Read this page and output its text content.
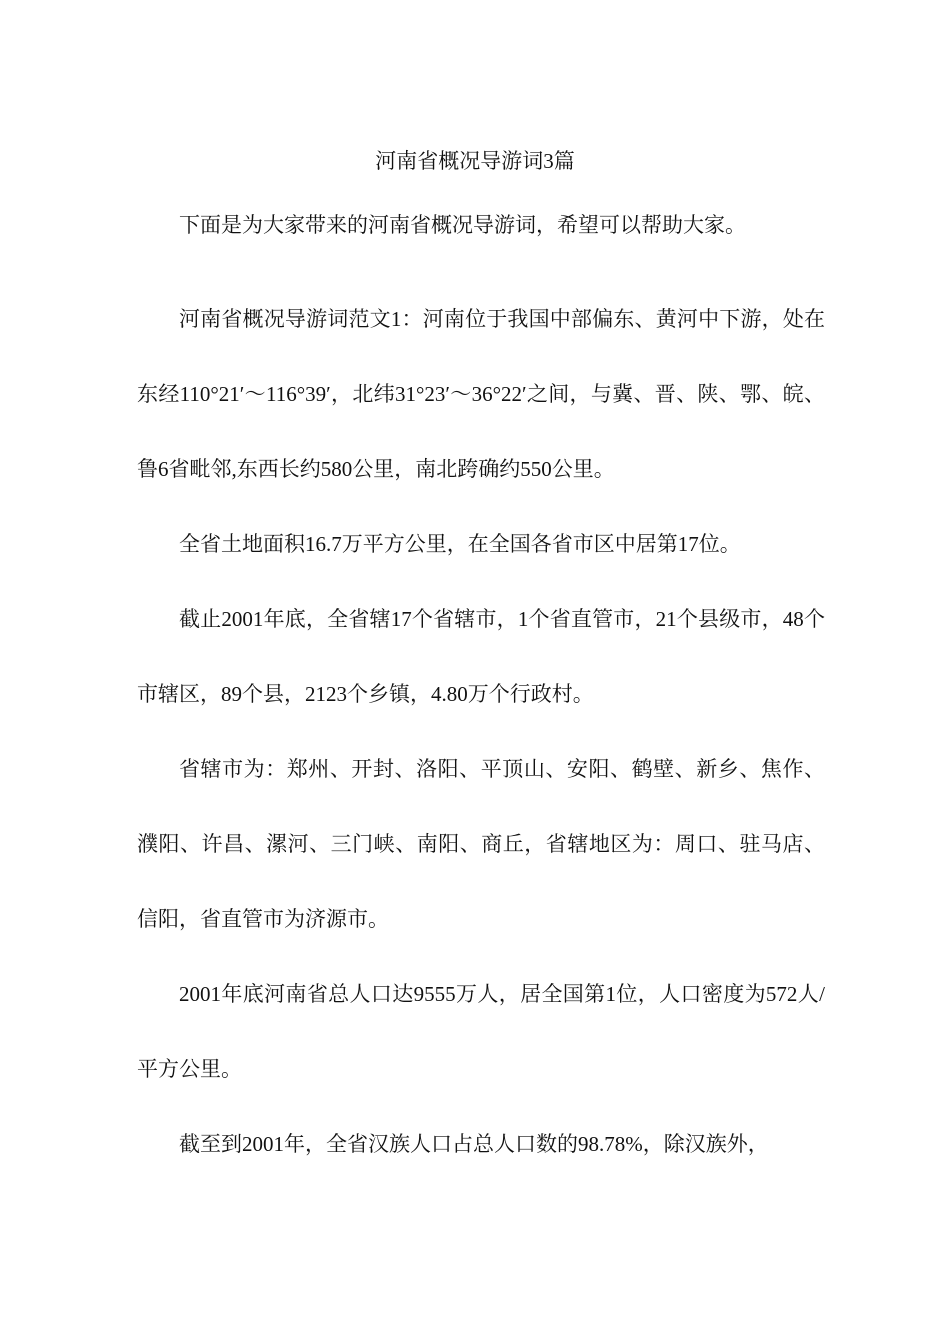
河南省概况导游词3篇

下面是为大家带来的河南省概况导游词，希望可以帮助大家。

河南省概况导游词范文1：河南位于我国中部偏东、黄河中下游，处在东经110°21′～116°39′，北纬31°23′～36°22′之间，与冀、晋、陕、鄂、皖、鲁6省毗邻,东西长约580公里，南北跨确约550公里。

全省土地面积16.7万平方公里，在全国各省市区中居第17位。

截止2001年底，全省辖17个省辖市，1个省直管市，21个县级市，48个市辖区，89个县，2123个乡镇，4.80万个行政村。

省辖市为：郑州、开封、洛阳、平顶山、安阳、鹤壁、新乡、焦作、濮阳、许昌、漯河、三门峡、南阳、商丘，省辖地区为：周口、驻马店、信阳，省直管市为济源市。

2001年底河南省总人口达9555万人，居全国第1位，人口密度为572人/平方公里。

截至到2001年，全省汉族人口占总人口数的98.78%，除汉族外，
